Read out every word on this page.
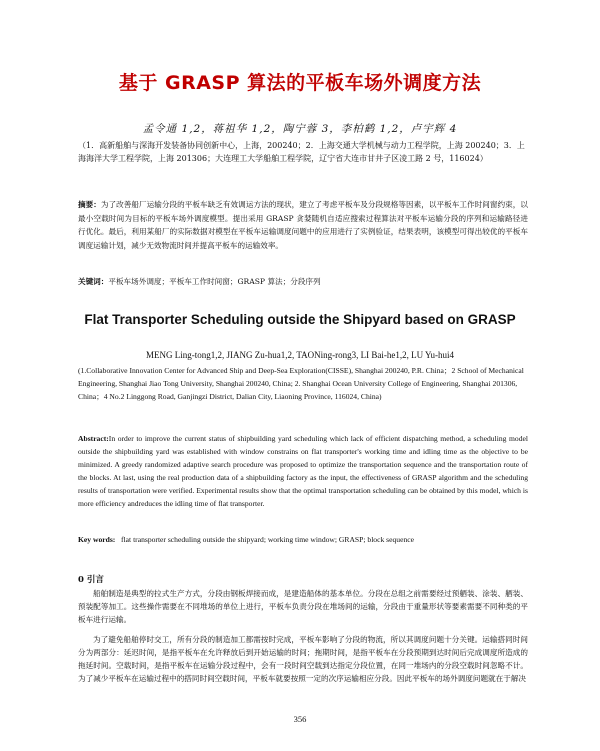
基于 GRASP 算法的平板车场外调度方法
孟令通 1,2，蒋祖华 1,2，陶宁蓉 3，李柏鹤 1,2，卢宇辉 4
（1．高新船舶与深海开发装备协同创新中心，上海，200240；2．上海交通大学机械与动力工程学院，上海 200240；3．上海海洋大学工程学院，上海 201306；大连理工大学船舶工程学院，辽宁省大连市甘井子区凌工路 2 号，116024）
摘要：为了改善船厂运输分段的平板车缺乏有效调运方法的现状，建立了考虑平板车及分段规格等因素，以平板车工作时间窗约束，以最小空载时间为目标的平板车场外调度模型。提出采用 GRASP 贪婪随机自适应搜索过程算法对平板车运输分段的序列和运输路径进行优化。最后，利用某船厂的实际数据对模型在平板车运输调度问题中的应用进行了实例验证，结果表明，该模型可得出较优的平板车调度运输计划，减少无效物流时间并提高平板车的运输效率。
关键词：平板车场外调度；平板车工作时间窗；GRASP 算法；分段序列
Flat Transporter Scheduling outside the Shipyard based on GRASP
MENG Ling-tong1,2, JIANG Zu-hua1,2, TAONing-rong3, LI Bai-he1,2, LU Yu-hui4
(1.Collaborative Innovation Center for Advanced Ship and Deep-Sea Exploration(CISSE), Shanghai 200240, P.R. China；2 School of Mechanical Engineering, Shanghai Jiao Tong University, Shanghai 200240, China; 2. Shanghai Ocean University College of Engineering, Shanghai 201306, China；4 No.2 Linggong Road, Ganjingzi District, Dalian City, Liaoning Province, 116024, China)
Abstract:In order to improve the current status of shipbuilding yard scheduling which lack of efficient dispatching method, a scheduling model outside the shipbuilding yard was established with window constrains on flat transporter's working time and idling time as the objective to be minimized. A greedy randomized adaptive search procedure was proposed to optimize the transportation sequence and the transportation route of the blocks. At last, using the real production data of a shipbuilding factory as the input, the effectiveness of GRASP algorithm and the scheduling results of transportation were verified. Experimental results show that the optimal transportation scheduling can be obtained by this model, which is more efficiency andreduces the idling time of flat transporter.
Key words: flat transporter scheduling outside the shipyard; working time window; GRASP; block sequence
0 引言
船舶制造是典型的拉式生产方式，分段由钢板焊接而成，是建造船体的基本单位。分段在总组之前需要经过预舾装、涂装、舾装、预装配等加工。这些操作需要在不同堆场的单位上进行，平板车负责分段在堆场间的运输，分段由于重量形状等要素需要不同种类的平板车进行运输。
为了避免船舶停时交工，所有分段的制造加工都需按时完成，平板车影响了分段的物流，所以其调度问题十分关键。运输搭同时间分为两部分：延迟时间，是指平板车在允许释放后到开始运输的时间；拖期时间，是指平板车在分段预期到达时间后完成调度所造成的拖延时间。空载时间，是指平板车在运输分段过程中，会有一段时间空载到达指定分段位置，在同一堆场内的分段空载时间忽略不计。为了减少平板车在运输过程中的搭同时间空载时间，平板车就要按照一定的次序运输相应分段。因此平板车的场外调度问题就在于解决
356
